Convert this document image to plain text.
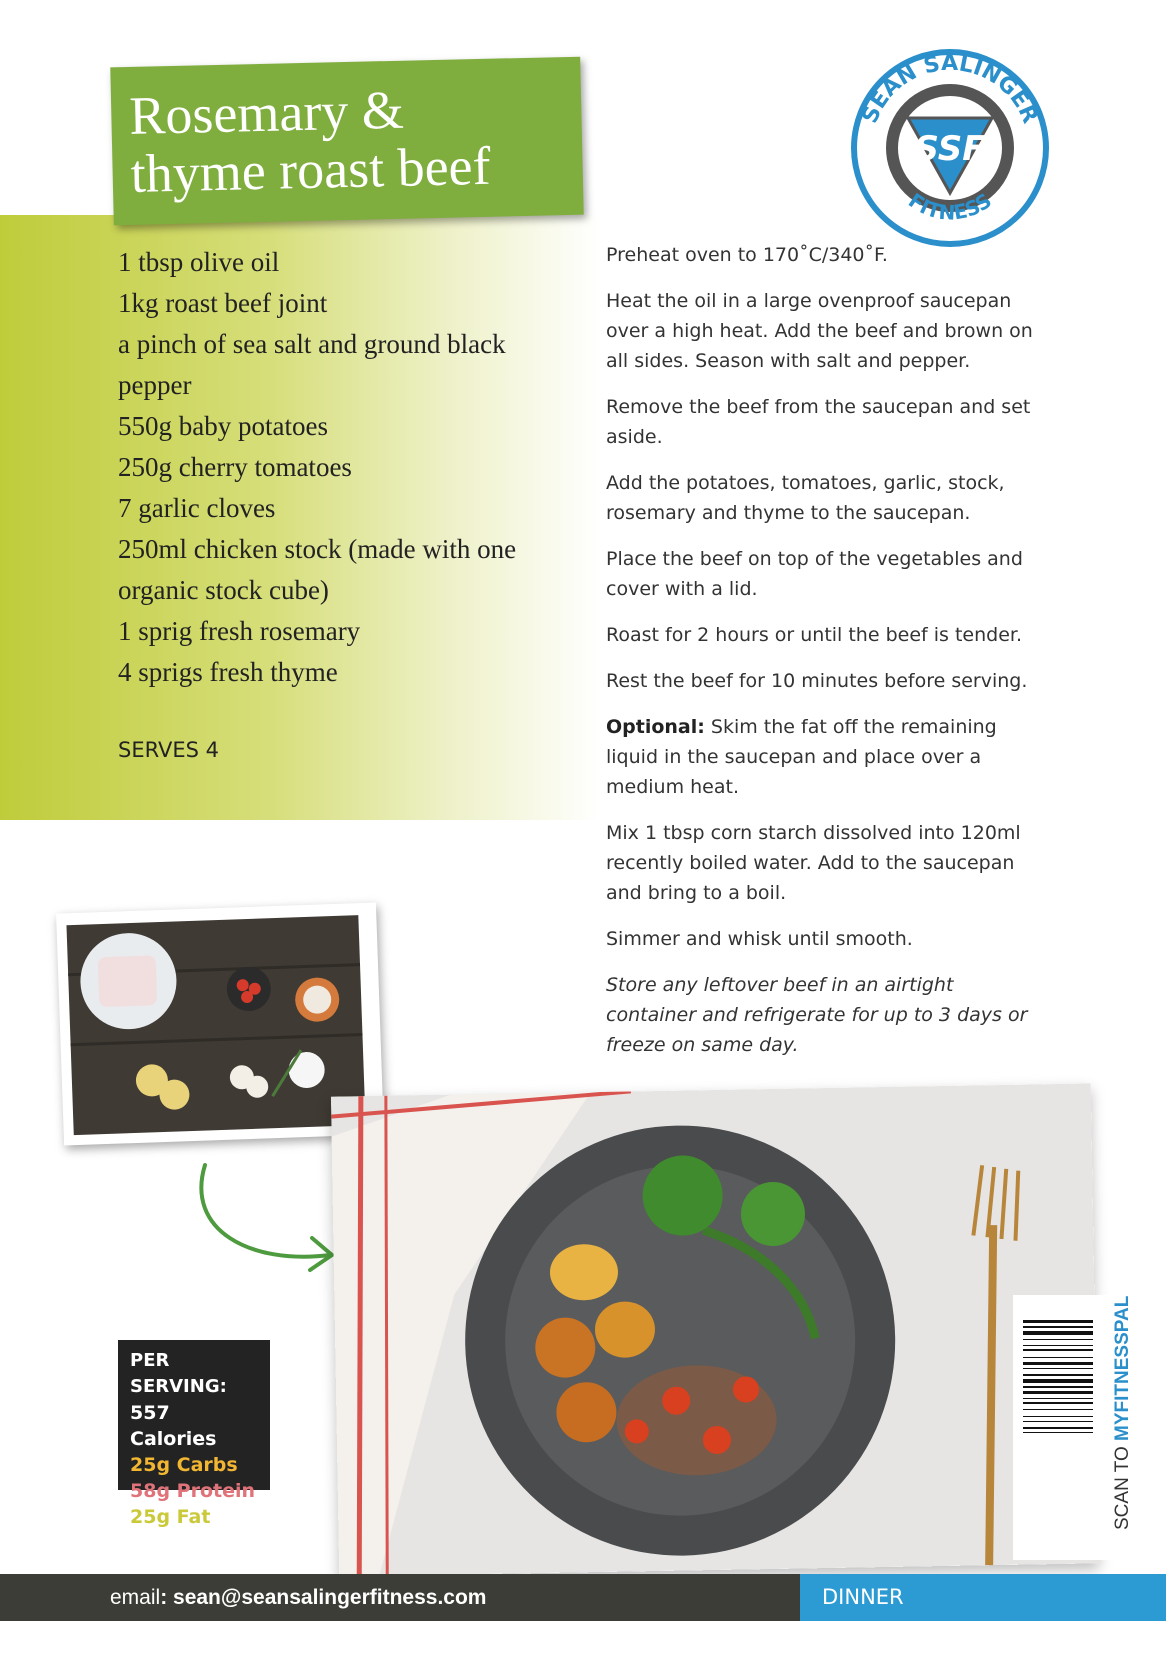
Rosemary &
thyme roast beef
SEAN SALINGER
FITNESS
SSF
1 tbsp olive oil
1kg roast beef joint
a pinch of sea salt and ground black pepper
550g baby potatoes
250g cherry tomatoes
7 garlic cloves
250ml chicken stock (made with one organic stock cube)
1 sprig fresh rosemary
4 sprigs fresh thyme
SERVES 4

Preheat oven to 170˚C/340˚F.

Heat the oil in a large ovenproof saucepan over a high heat. Add the beef and brown on all sides. Season with salt and pepper.

Remove the beef from the saucepan and set aside.

Add the potatoes, tomatoes, garlic, stock, rosemary and thyme to the saucepan.

Place the beef on top of the vegetables and cover with a lid.

Roast for 2 hours or until the beef is tender.

Rest the beef for 10 minutes before serving.

Optional: Skim the fat off the remaining liquid in the saucepan and place over a medium heat.

Mix 1 tbsp corn starch dissolved into 120ml recently boiled water. Add to the saucepan and bring to a boil.

Simmer and whisk until smooth.

Store any leftover beef in an airtight container and refrigerate for up to 3 days or freeze on same day.

PER SERVING:
557 Calories
25g Carbs
58g Protein
25g Fat	SCAN TO MYFITNESSPAL
email: sean@seansalingerfitness.com	DINNER
